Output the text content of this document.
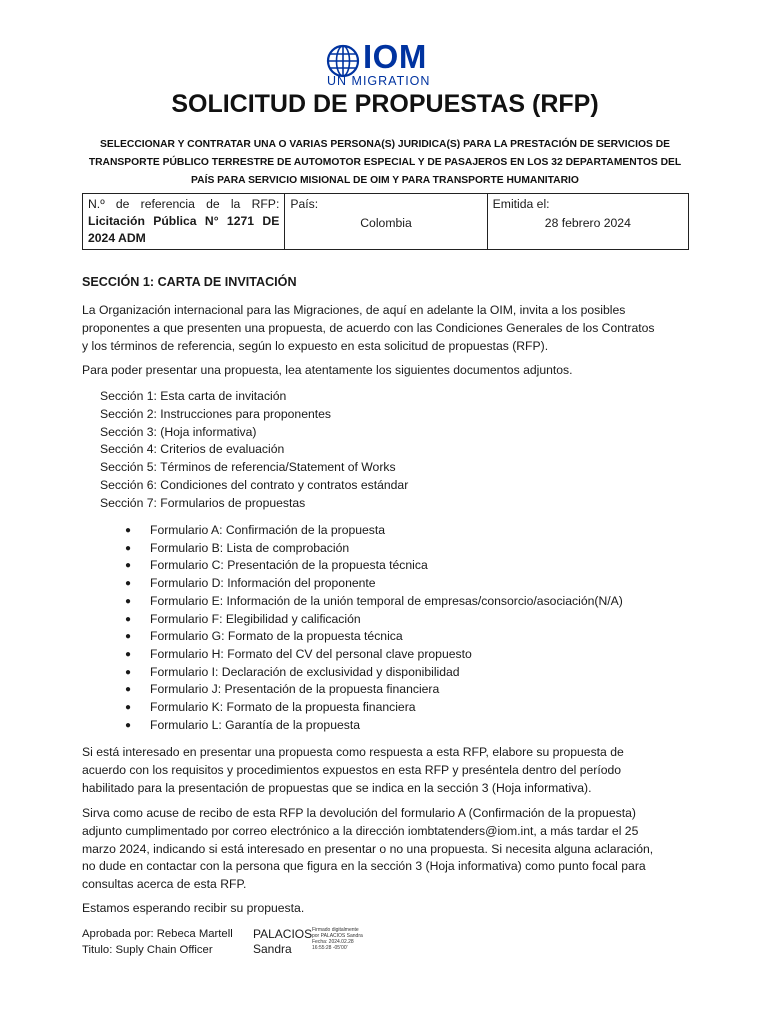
IOM
UN MIGRATION
SOLICITUD DE PROPUESTAS (RFP)
SELECCIONAR Y CONTRATAR UNA O VARIAS PERSONA(S) JURIDICA(S) PARA LA PRESTACIÓN DE SERVICIOS DE
TRANSPORTE PÚBLICO TERRESTRE DE AUTOMOTOR ESPECIAL Y DE PASAJEROS EN LOS 32 DEPARTAMENTOS DEL
PAÍS PARA SERVICIO MISIONAL DE OIM Y PARA TRANSPORTE HUMANITARIO
N.º de referencia de la RFP: Licitación Pública N° 1271 DE 2024 ADM	
País:
Colombia

Emitida el:
28 febrero 2024
SECCIÓN 1: CARTA DE INVITACIÓN
La Organización internacional para las Migraciones, de aquí en adelante la OIM, invita a los posibles
proponentes a que presenten una propuesta, de acuerdo con las Condiciones Generales de los Contratos
y los términos de referencia, según lo expuesto en esta solicitud de propuestas (RFP).
Para poder presentar una propuesta, lea atentamente los siguientes documentos adjuntos.
Sección 1: Esta carta de invitación
Sección 2: Instrucciones para proponentes
Sección 3: (Hoja informativa)
Sección 4: Criterios de evaluación
Sección 5: Términos de referencia/Statement of Works
Sección 6: Condiciones del contrato y contratos estándar
Sección 7: Formularios de propuestas
● Formulario A: Confirmación de la propuesta
● Formulario B: Lista de comprobación
● Formulario C: Presentación de la propuesta técnica
● Formulario D: Información del proponente
● Formulario E: Información de la unión temporal de empresas/consorcio/asociación(N/A)
● Formulario F: Elegibilidad y calificación
● Formulario G: Formato de la propuesta técnica
● Formulario H: Formato del CV del personal clave propuesto
● Formulario I: Declaración de exclusividad y disponibilidad
● Formulario J: Presentación de la propuesta financiera
● Formulario K: Formato de la propuesta financiera
● Formulario L: Garantía de la propuesta
Si está interesado en presentar una propuesta como respuesta a esta RFP, elabore su propuesta de
acuerdo con los requisitos y procedimientos expuestos en esta RFP y preséntela dentro del período
habilitado para la presentación de propuestas que se indica en la sección 3 (Hoja informativa).
Sirva como acuse de recibo de esta RFP la devolución del formulario A (Confirmación de la propuesta)
adjunto cumplimentado por correo electrónico a la dirección iombtatenders@iom.int, a más tardar el 25
marzo 2024, indicando si está interesado en presentar o no una propuesta. Si necesita alguna aclaración,
no dude en contactar con la persona que figura en la sección 3 (Hoja informativa) como punto focal para
consultas acerca de esta RFP.
Estamos esperando recibir su propuesta.
Aprobada por: Rebeca Martell
Titulo: Suply Chain Officer
PALACIOS
Sandra
Firmado digitalmente
por PALACIOS Sandra
Fecha: 2024.02.28
16:55:28 -05'00'
